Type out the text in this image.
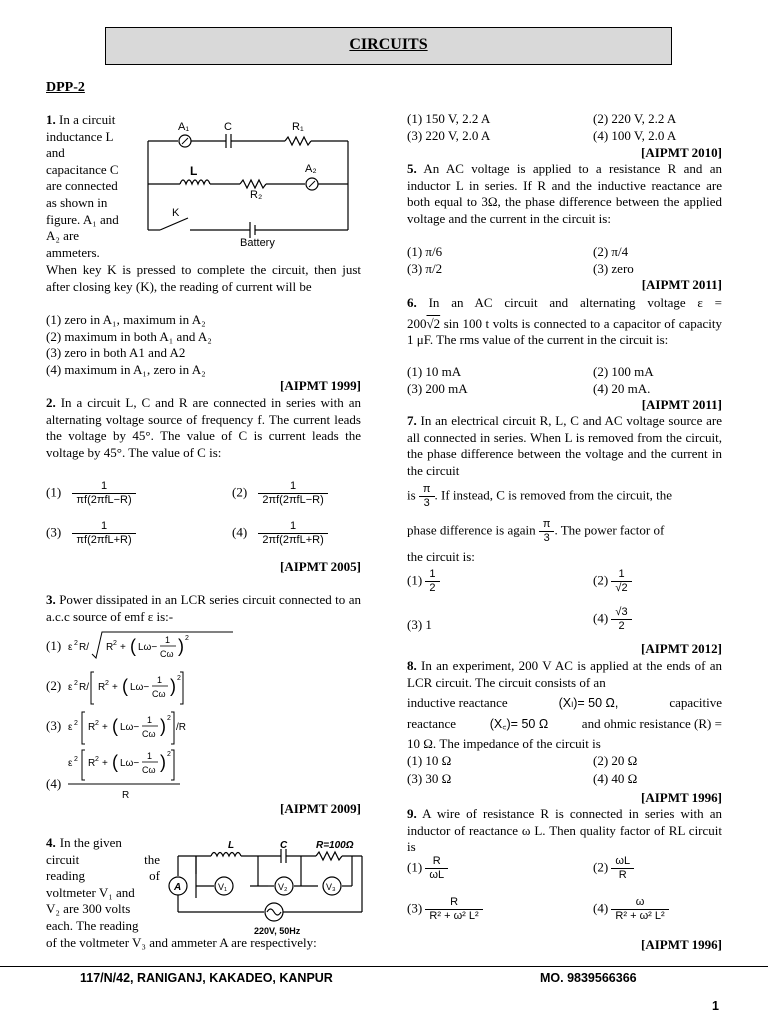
CIRCUITS
DPP-2
1. In a circuit
inductance L
and
capacitance C
are connected
as shown in
figure. A₁ and
A₂ are
ammeters.
A₁	C	R₁
L
R₂
A₂
K
Battery
When key K is pressed to complete the circuit, then just after closing key (K), the reading of current will be
(1) zero in A₁, maximum in A₂
(2) maximum in both A₁ and A₂
(3) zero in both A1 and A2
(4) maximum in A₁, zero in A₂
[AIPMT 1999]
2. In a circuit L, C and R are connected in series with an alternating voltage source of frequency f. The current leads the voltage by 45°. The value of C is current leads the voltage by 45°. The value of C is:
$(1) \frac{1}{\text{πf(2πfL−R)}}$	$(2) \frac{1}{\text{2πf(2πfL−R)}}$
$(3) \frac{1}{\text{πf(2πfL+R)}}$	$(4) \frac{1}{\text{2πf(2πfL+R)}}$
[AIPMT 2005]
3. Power dissipated in an LCR series circuit connected to an a.c.c source of emf ε is:-
(1) ε 2 R/ R 2 + ( Lω−
1
Cω ) 2
(2) ε 2 R/ R 2 + ( Lω−
1
Cω ) 2
(3) ε 2 R 2 + ( Lω−
1
Cω ) 2
/R
(4)
ε 2 R 2 + ( Lω−
1
Cω ) 2
R
[AIPMT 2009]
4. In the given
circuit the
reading of
voltmeter V₁ and
V₂ are 300 volts
each. The reading
L	C	R=100Ω
A	V₁	V₂	V₃
220V, 50Hz
of the voltmeter V₃ and ammeter A are respectively:
(1) 150 V, 2.2 A	(2) 220 V, 2.2 A
(3) 220 V, 2.0 A	(4) 100 V, 2.0 A
[AIPMT 2010]
5. An AC voltage is applied to a resistance R and an inductor L in series. If R and the inductive reactance are both equal to 3Ω, the phase difference between the applied voltage and the current in the circuit is:
(1) π/6	(2) π/4
(3) π/2	(3) zero
[AIPMT 2011]
6. In an AC circuit and alternating voltage ε =
200√2 sin 100 t volts is connected to a capacitor of capacity 1 μF. The rms value of the current in the circuit is:
(1) 10 mA	(2) 100 mA
(3) 200 mA	(4) 20 mA.
[AIPMT 2011]
7. In an electrical circuit R, L, C and AC voltage source are all connected in series. When L is removed from the circuit, the phase difference between the voltage and the current in the circuit
is $\frac{\pi}{3}$ . If instead, C is removed from the circuit, the
phase difference is again $\frac{\pi}{3}$ . The power factor of
the circuit is:
$(1) \frac{1}{2}$	$(2) \frac{1}{√2}$
(3) 1	$(4) \frac{√3}{2}$
[AIPMT 2012]
8. In an experiment, 200 V AC is applied at the ends of an LCR circuit. The circuit consists of an
inductive reactance	(Xₗ)= 50 Ω,	capacitive
reactance	(X꜀)= 50 Ω	and ohmic resistance (R) =
10 Ω. The impedance of the circuit is
(1) 10 Ω	(2) 20 Ω
(3) 30 Ω	(4) 40 Ω
[AIPMT 1996]
9. A wire of resistance R is connected in series with an inductor of reactance ω L. Then quality factor of RL circuit is
$(1) \frac{R}{\omega L}$	$(2) \frac{\omega L}{R}$
$(3) \frac{R}{\text{R² + ω² L²}}$	$(4) \frac{\omega}{\text{R² + ω² L²}}$
[AIPMT 1996]
117/N/42, RANIGANJ, KAKADEO, KANPUR	MO. 9839566366
1
